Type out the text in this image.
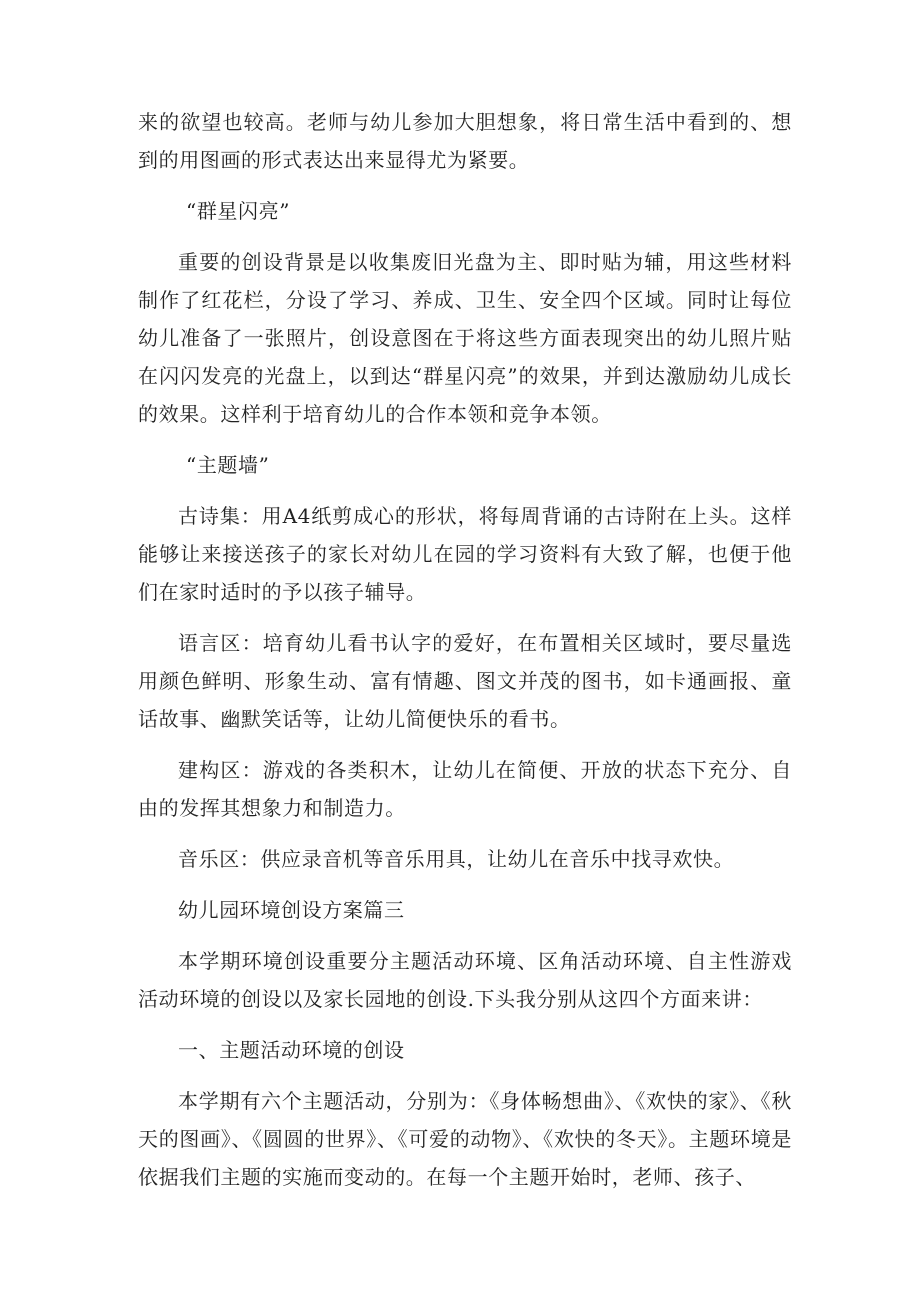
来的欲望也较高。老师与幼儿参加大胆想象，将日常生活中看到的、想到的用图画的形式表达出来显得尤为紧要。

“群星闪亮”

重要的创设背景是以收集废旧光盘为主、即时贴为辅，用这些材料制作了红花栏，分设了学习、养成、卫生、安全四个区域。同时让每位幼儿准备了一张照片，创设意图在于将这些方面表现突出的幼儿照片贴在闪闪发亮的光盘上，以到达“群星闪亮”的效果，并到达激励幼儿成长的效果。这样利于培育幼儿的合作本领和竞争本领。

“主题墙”

古诗集：用A4纸剪成心的形状，将每周背诵的古诗附在上头。这样能够让来接送孩子的家长对幼儿在园的学习资料有大致了解，也便于他们在家时适时的予以孩子辅导。

语言区：培育幼儿看书认字的爱好，在布置相关区域时，要尽量选用颜色鲜明、形象生动、富有情趣、图文并茂的图书，如卡通画报、童话故事、幽默笑话等，让幼儿简便快乐的看书。

建构区：游戏的各类积木，让幼儿在简便、开放的状态下充分、自由的发挥其想象力和制造力。

音乐区：供应录音机等音乐用具，让幼儿在音乐中找寻欢快。

幼儿园环境创设方案篇三

本学期环境创设重要分主题活动环境、区角活动环境、自主性游戏活动环境的创设以及家长园地的创设.下头我分别从这四个方面来讲：

一、主题活动环境的创设

本学期有六个主题活动，分别为：《身体畅想曲》、《欢快的家》、《秋天的图画》、《圆圆的世界》、《可爱的动物》、《欢快的冬天》。主题环境是依据我们主题的实施而变动的。在每一个主题开始时，老师、孩子、
